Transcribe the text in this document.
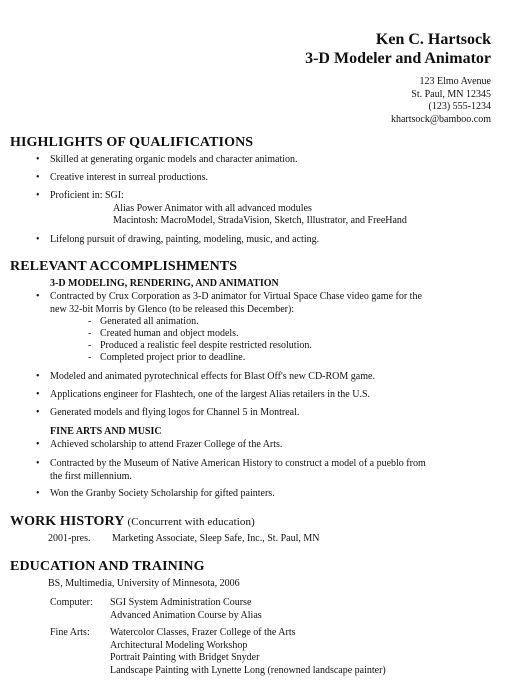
Ken C. Hartsock
3-D Modeler and Animator
123 Elmo Avenue
St. Paul, MN 12345
(123) 555-1234
khartsock@bamboo.com
HIGHLIGHTS OF QUALIFICATIONS
• Skilled at generating organic models and character animation.
• Creative interest in surreal productions.
• Proficient in: SGI:
Alias Power Animator with all advanced modules
Macintosh: MacroModel, StradaVision, Sketch, Illustrator, and FreeHand
• Lifelong pursuit of drawing, painting, modeling, music, and acting.
RELEVANT ACCOMPLISHMENTS
3-D MODELING, RENDERING, AND ANIMATION
• Contracted by Crux Corporation as 3-D animator for Virtual Space Chase video game for the
new 32-bit Morris by Glenco (to be released this December):
- Generated all animation.
- Created human and object models.
- Produced a realistic feel despite restricted resolution.
- Completed project prior to deadline.
• Modeled and animated pyrotechnical effects for Blast Off's new CD-ROM game.
• Applications engineer for Flashtech, one of the largest Alias retailers in the U.S.
• Generated models and flying logos for Channel 5 in Montreal.
FINE ARTS AND MUSIC
• Achieved scholarship to attend Frazer College of the Arts.
• Contracted by the Museum of Native American History to construct a model of a pueblo from
the first millennium.
• Won the Granby Society Scholarship for gifted painters.
WORK HISTORY (Concurrent with education)
2001-pres. Marketing Associate, Sleep Safe, Inc., St. Paul, MN
EDUCATION AND TRAINING
BS, Multimedia, University of Minnesota, 2006
Computer:	SGI System Administration Course
Advanced Animation Course by Alias
Fine Arts:	Watercolor Classes, Frazer College of the Arts
Architectural Modeling Workshop
Portrait Painting with Bridget Snyder
Landscape Painting with Lynette Long (renowned landscape painter)
